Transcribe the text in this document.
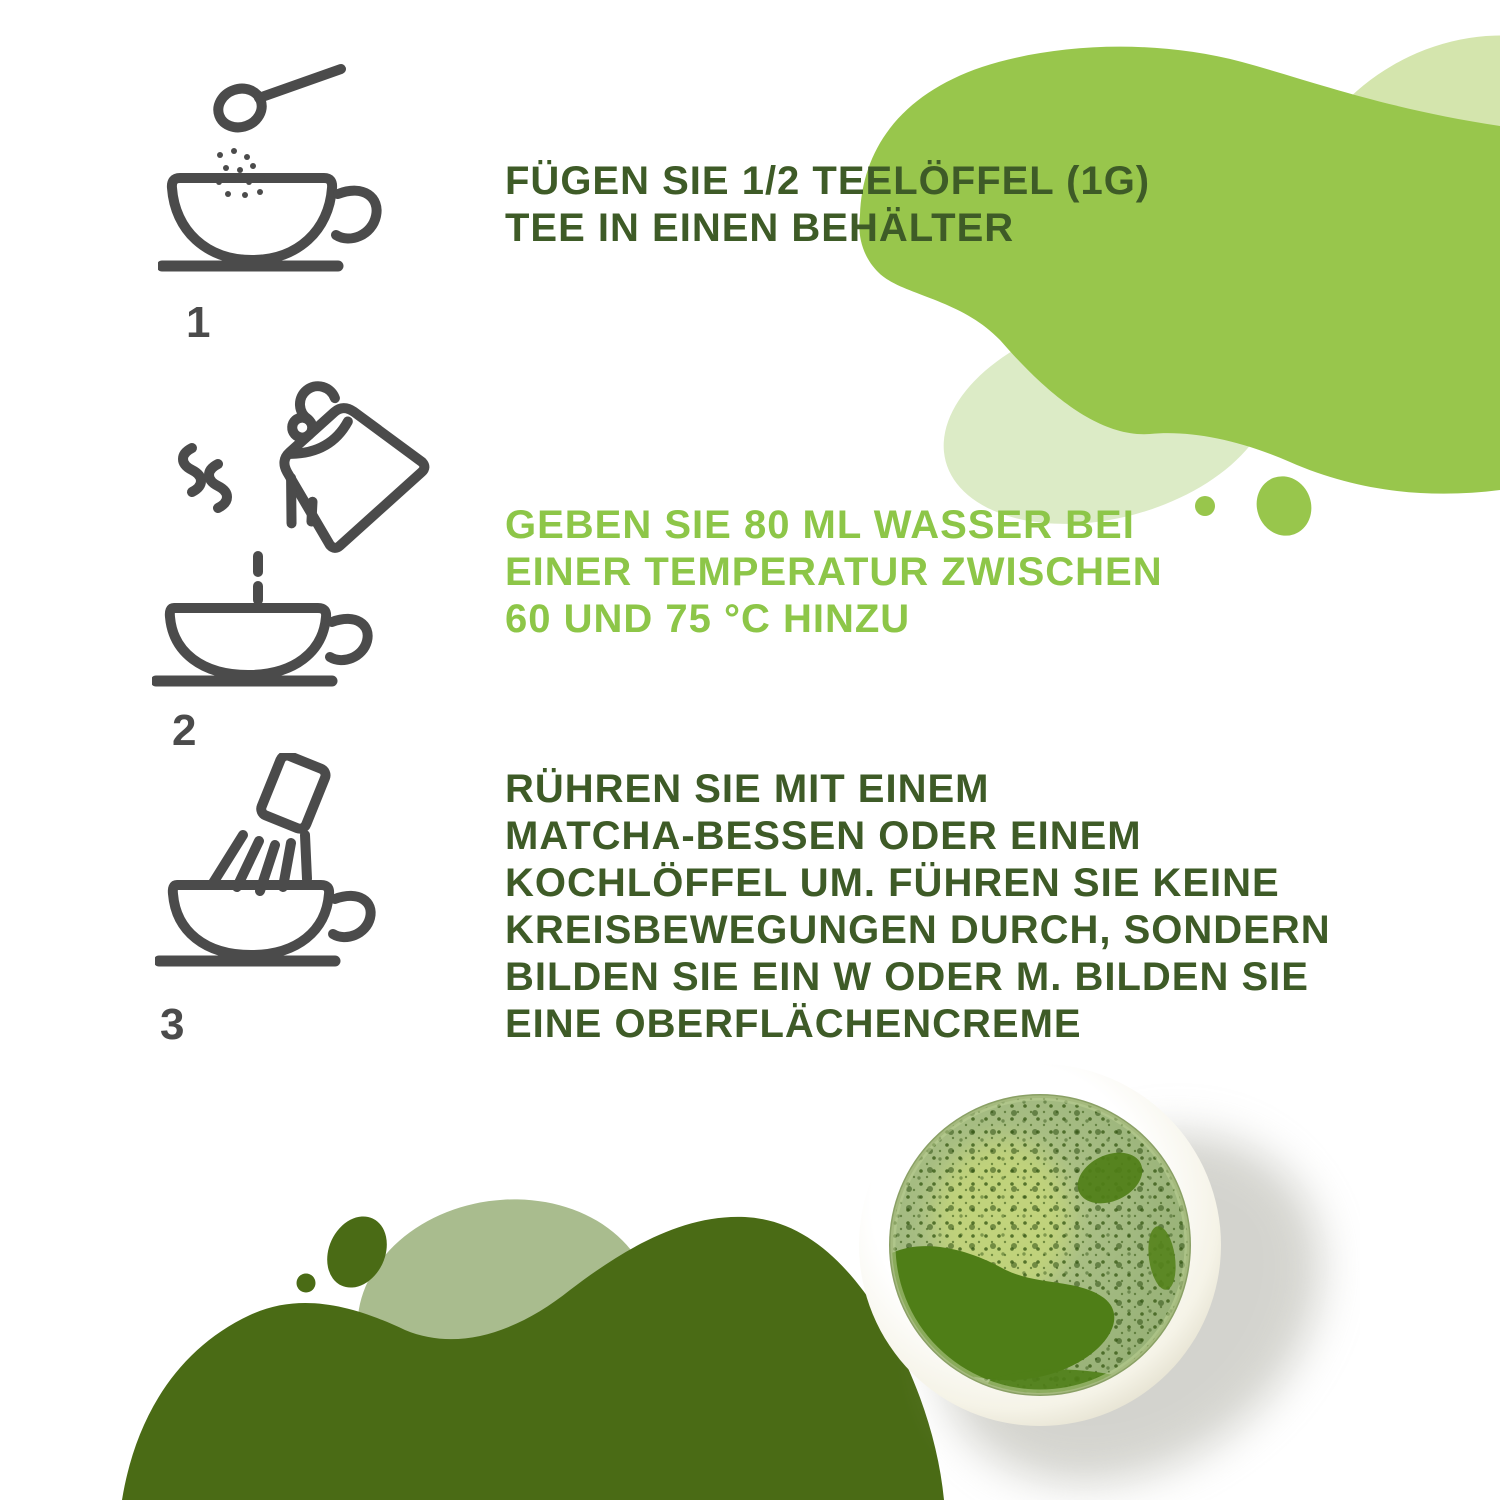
1
FÜGEN SIE 1/2 TEELÖFFEL (1G)
TEE IN EINEN BEHÄLTER
2
GEBEN SIE 80 ML WASSER BEI
EINER TEMPERATUR ZWISCHEN
60 UND 75 °C HINZU
3
RÜHREN SIE MIT EINEM
MATCHA-BESSEN ODER EINEM
KOCHLÖFFEL UM. FÜHREN SIE KEINE
KREISBEWEGUNGEN DURCH, SONDERN
BILDEN SIE EIN W ODER M. BILDEN SIE
EINE OBERFLÄCHENCREME
